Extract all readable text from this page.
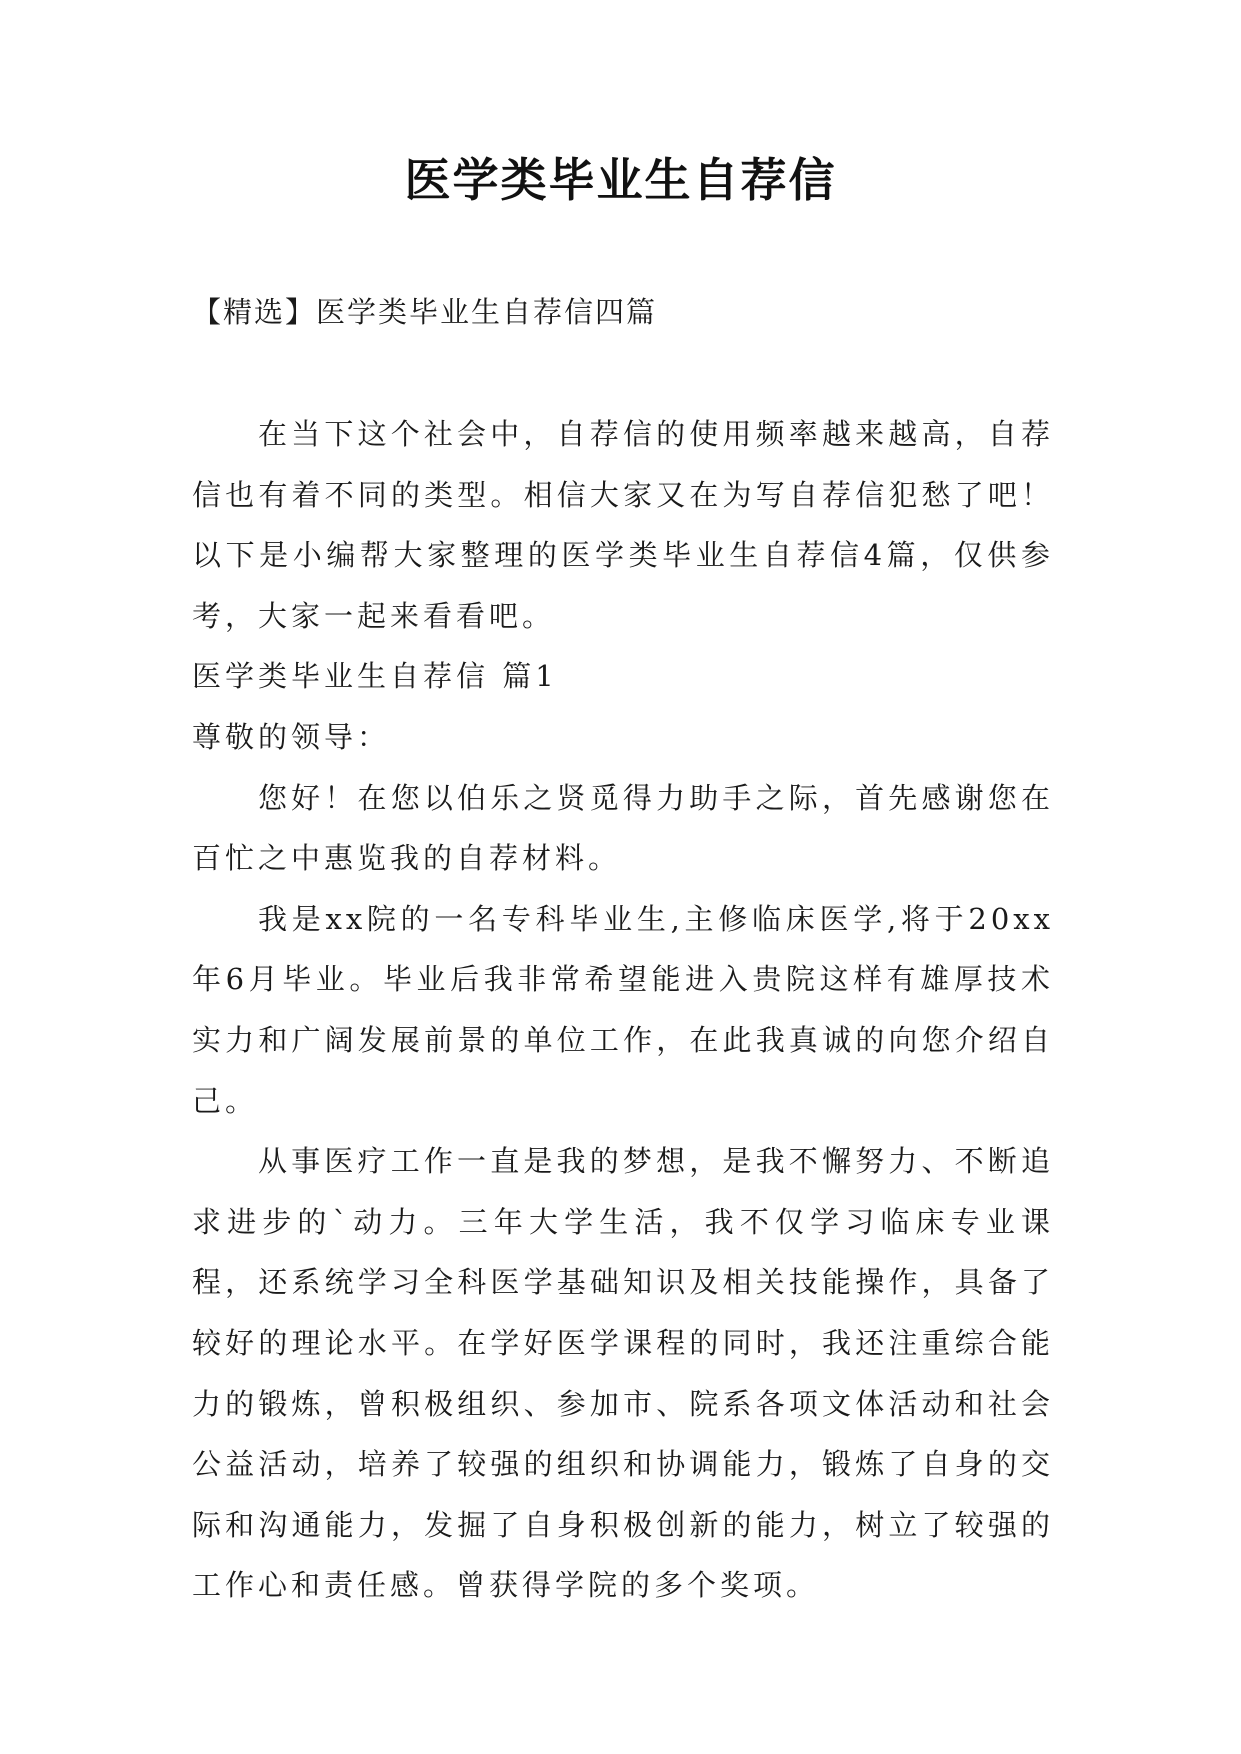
医学类毕业生自荐信
【精选】医学类毕业生自荐信四篇

在当下这个社会中，自荐信的使用频率越来越高，自荐信也有着不同的类型。相信大家又在为写自荐信犯愁了吧！以下是小编帮大家整理的医学类毕业生自荐信4篇，仅供参考，大家一起来看看吧。

医学类毕业生自荐信 篇1

尊敬的领导：

您好！在您以伯乐之贤觅得力助手之际，首先感谢您在百忙之中惠览我的自荐材料。

我是xx院的一名专科毕业生,主修临床医学,将于20xx年6月毕业。毕业后我非常希望能进入贵院这样有雄厚技术实力和广阔发展前景的单位工作，在此我真诚的向您介绍自己。

从事医疗工作一直是我的梦想，是我不懈努力、不断追求进步的`动力。三年大学生活，我不仅学习临床专业课程，还系统学习全科医学基础知识及相关技能操作，具备了较好的理论水平。在学好医学课程的同时，我还注重综合能力的锻炼，曾积极组织、参加市、院系各项文体活动和社会公益活动，培养了较强的组织和协调能力，锻炼了自身的交际和沟通能力，发掘了自身积极创新的能力，树立了较强的工作心和责任感。曾获得学院的多个奖项。
